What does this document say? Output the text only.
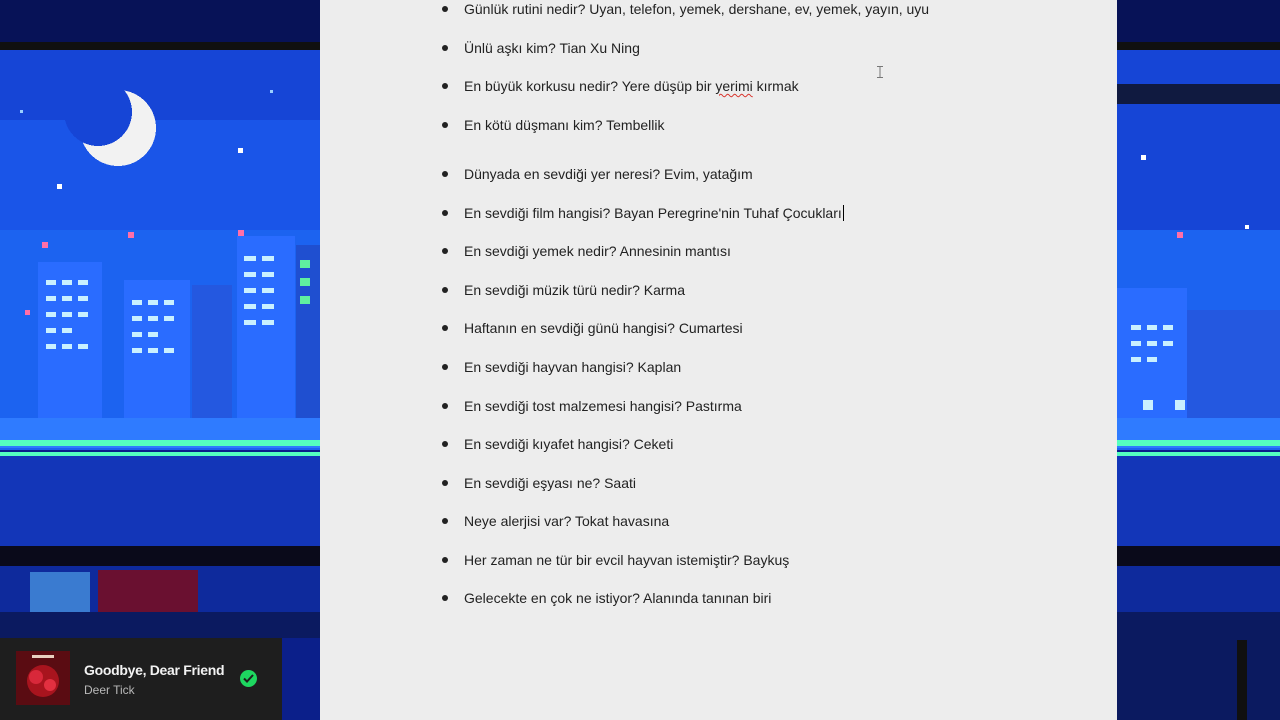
Günlük rutini nedir? Uyan, telefon, yemek, dershane, ev, yemek, yayın, uyu
Ünlü aşkı kim? Tian Xu Ning
En büyük korkusu nedir? Yere düşüp bir yerimi kırmak
En kötü düşmanı kim? Tembellik
Dünyada en sevdiği yer neresi? Evim, yatağım
En sevdiği film hangisi? Bayan Peregrine'nin Tuhaf Çocukları
En sevdiği yemek nedir? Annesinin mantısı
En sevdiği müzik türü nedir? Karma
Haftanın en sevdiği günü hangisi? Cumartesi
En sevdiği hayvan hangisi? Kaplan
En sevdiği tost malzemesi hangisi? Pastırma
En sevdiği kıyafet hangisi? Ceketi
En sevdiği eşyası ne? Saati
Neye alerjisi var? Tokat havasına
Her zaman ne tür bir evcil hayvan istemiştir? Baykuş
Gelecekte en çok ne istiyor? Alanında tanınan biri
Goodbye, Dear Friend
Deer Tick
